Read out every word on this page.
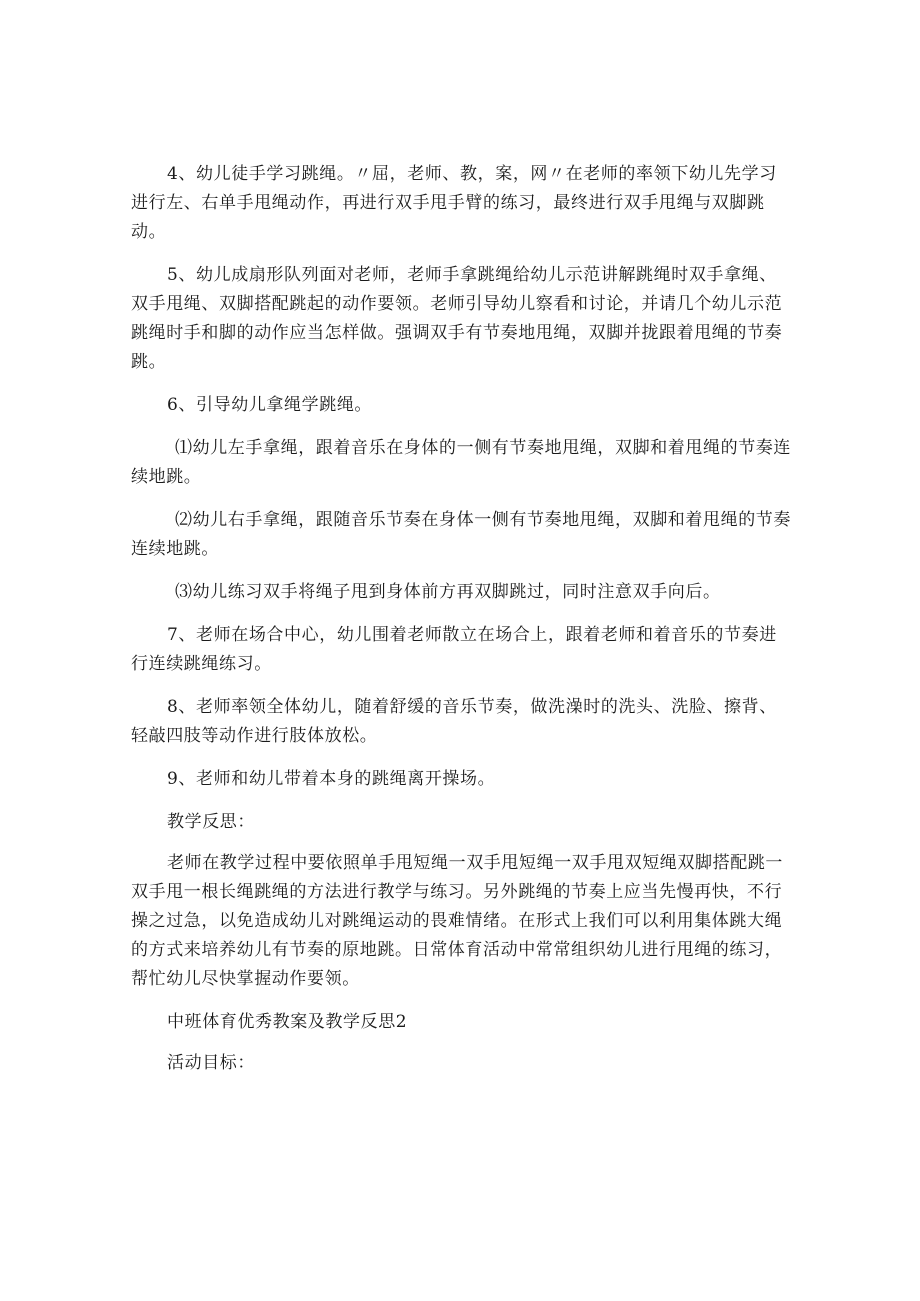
4、幼儿徒手学习跳绳。〃屈，老师、教，案，网〃在老师的率领下幼儿先学习进行左、右单手甩绳动作，再进行双手甩手臂的练习，最终进行双手甩绳与双脚跳动。

5、幼儿成扇形队列面对老师，老师手拿跳绳给幼儿示范讲解跳绳时双手拿绳、双手甩绳、双脚搭配跳起的动作要领。老师引导幼儿察看和讨论，并请几个幼儿示范跳绳时手和脚的动作应当怎样做。强调双手有节奏地甩绳，双脚并拢跟着甩绳的节奏跳。

6、引导幼儿拿绳学跳绳。

⑴幼儿左手拿绳，跟着音乐在身体的一侧有节奏地甩绳，双脚和着甩绳的节奏连续地跳。

⑵幼儿右手拿绳，跟随音乐节奏在身体一侧有节奏地甩绳，双脚和着甩绳的节奏连续地跳。

⑶幼儿练习双手将绳子甩到身体前方再双脚跳过，同时注意双手向后。

7、老师在场合中心，幼儿围着老师散立在场合上，跟着老师和着音乐的节奏进行连续跳绳练习。

8、老师率领全体幼儿，随着舒缓的音乐节奏，做洗澡时的洗头、洗脸、擦背、轻敲四肢等动作进行肢体放松。

9、老师和幼儿带着本身的跳绳离开操场。

教学反思：

老师在教学过程中要依照单手甩短绳一双手甩短绳一双手甩双短绳双脚搭配跳一双手甩一根长绳跳绳的方法进行教学与练习。另外跳绳的节奏上应当先慢再快，不行操之过急，以免造成幼儿对跳绳运动的畏难情绪。在形式上我们可以利用集体跳大绳的方式来培养幼儿有节奏的原地跳。日常体育活动中常常组织幼儿进行甩绳的练习，帮忙幼儿尽快掌握动作要领。

中班体育优秀教案及教学反思2

活动目标：
